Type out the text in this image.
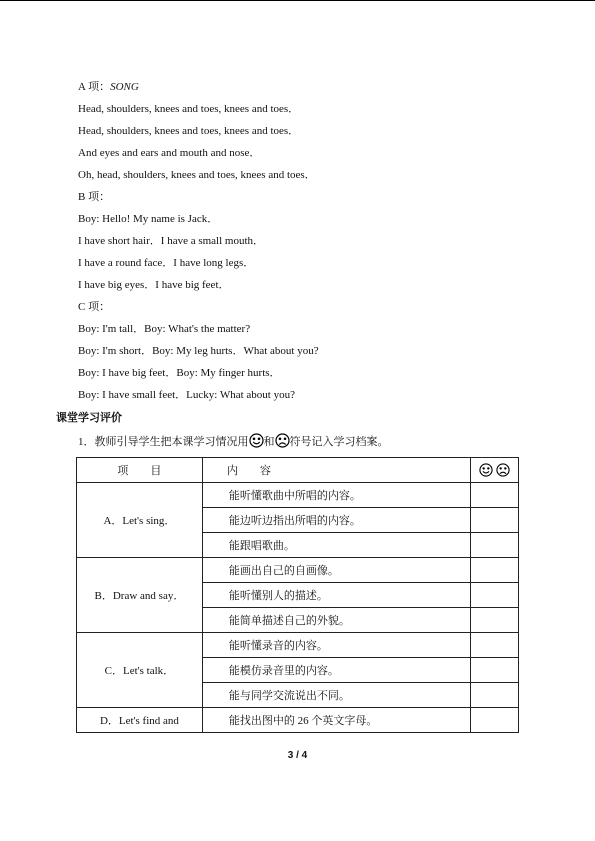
A 项：SONG
Head, shoulders, knees and toes, knees and toes．
Head, shoulders, knees and toes, knees and toes．
And eyes and ears and mouth and nose．
Oh, head, shoulders, knees and toes, knees and toes．
B 项：
Boy: Hello! My name is Jack．
I have short hair．I have a small mouth．
I have a round face．I have long legs．
I have big eyes．I have big feet．
C 项：
Boy: I'm tall．Boy: What's the matter?
Boy: I'm short．Boy: My leg hurts．What about you?
Boy: I have big feet．Boy: My finger hurts．
Boy: I have small feet．Lucky: What about you?
课堂学习评价
1．教师引导学生把本课学习情况用 和 符号记入学习档案。
项　　目	内　　容	
A．Let's sing．	能听懂歌曲中所唱的内容。	
	能边听边指出所唱的内容。	
	能跟唱歌曲。	
B．Draw and say．	能画出自己的自画像。	
	能听懂别人的描述。	
	能简单描述自己的外貌。	
C．Let's talk．	能听懂录音的内容。	
	能模仿录音里的内容。	
	能与同学交流说出不同。	
D．Let's find and	能找出图中的 26 个英文字母。	
3 / 4
